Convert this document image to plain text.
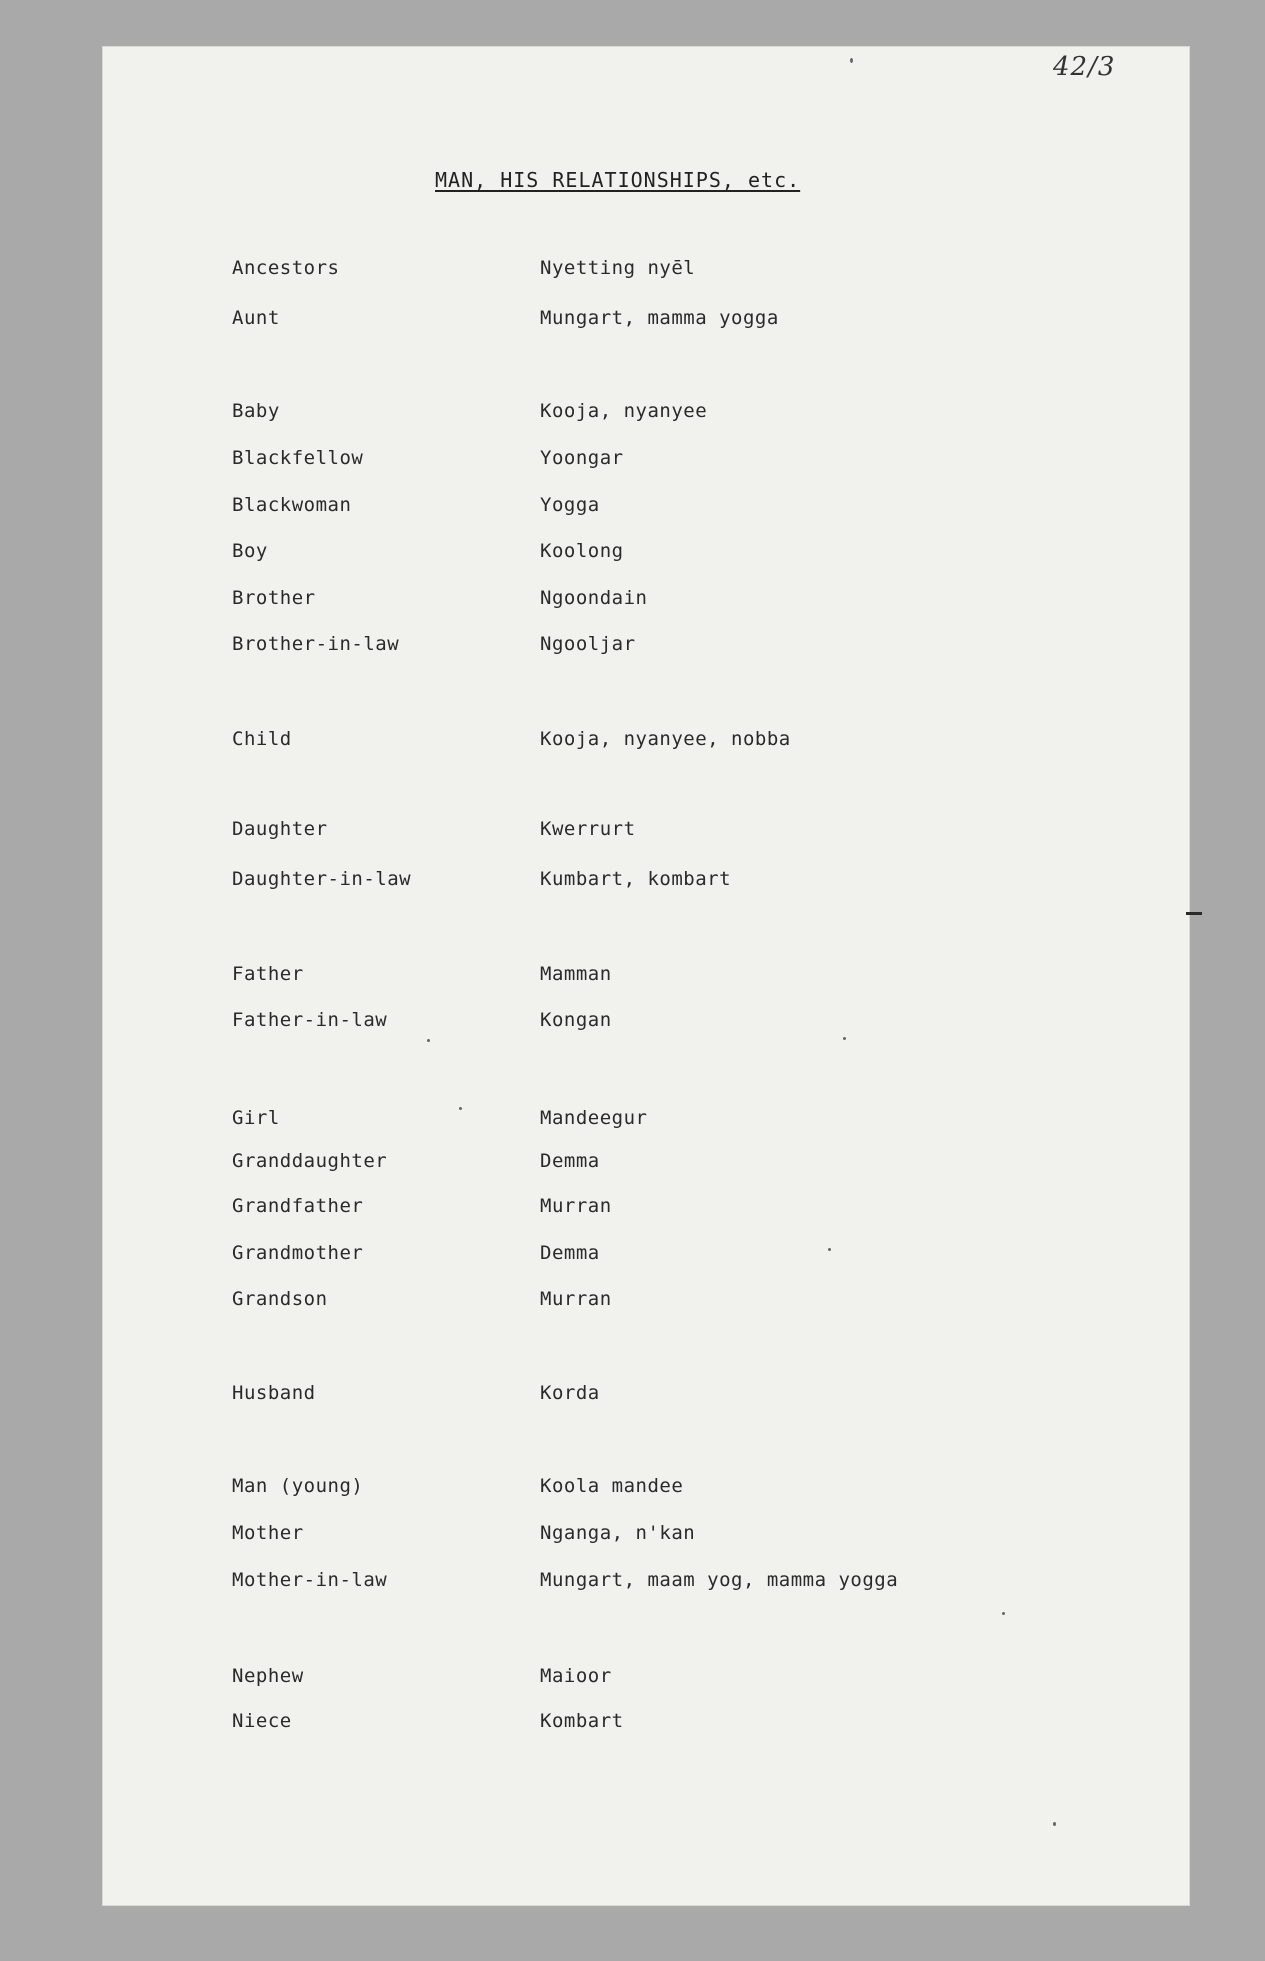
42/3
MAN, HIS RELATIONSHIPS, etc.
Ancestors	Nyetting nyēl
Aunt	Mungart, mamma yogga
Baby	Kooja, nyanyee
Blackfellow	Yoongar
Blackwoman	Yogga
Boy	Koolong
Brother	Ngoondain
Brother-in-law	Ngooljar
Child	Kooja, nyanyee, nobba
Daughter	Kwerrurt
Daughter-in-law	Kumbart, kombart
Father	Mamman
Father-in-law	Kongan
Girl	Mandeegur
Granddaughter	Demma
Grandfather	Murran
Grandmother	Demma
Grandson	Murran
Husband	Korda
Man (young)	Koola mandee
Mother	Nganga, n'kan
Mother-in-law	Mungart, maam yog, mamma yogga
Nephew	Maioor
Niece	Kombart
